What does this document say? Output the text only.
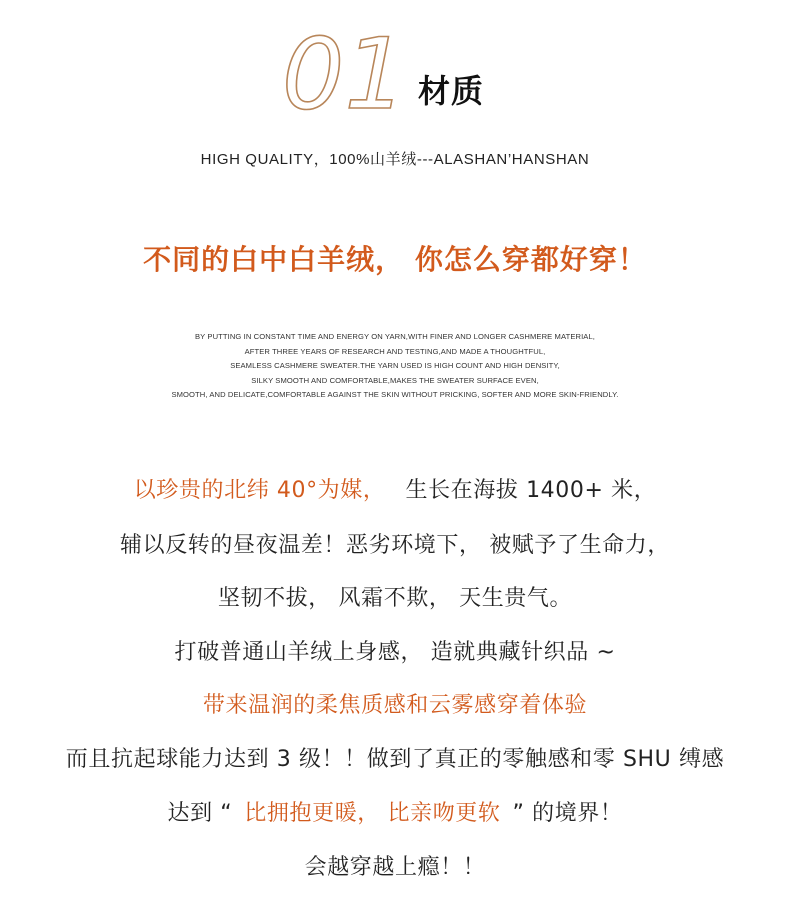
01 材质
HIGH QUALITY，100%山羊绒---ALASHAN’HANSHAN
不同的白中白羊绒， 你怎么穿都好穿！
BY PUTTING IN CONSTANT TIME AND ENERGY ON YARN,WITH FINER AND LONGER CASHMERE MATERIAL,
AFTER THREE YEARS OF RESEARCH AND TESTING,AND MADE A THOUGHTFUL,
SEAMLESS CASHMERE SWEATER.THE YARN USED IS HIGH COUNT AND HIGH DENSITY,
SILKY SMOOTH AND COMFORTABLE,MAKES THE SWEATER SURFACE EVEN,
SMOOTH, AND DELICATE,COMFORTABLE AGAINST THE SKIN WITHOUT PRICKING, SOFTER AND MORE SKIN-FRIENDLY.
以珍贵的北纬 40°为媒， 生长在海拔 1400+ 米，
辅以反转的昼夜温差！恶劣环境下， 被赋予了生命力，
坚韧不拔， 风霜不欺， 天生贵气。
打破普通山羊绒上身感， 造就典藏针织品 ~
带来温润的柔焦质感和云雾感穿着体验
而且抗起球能力达到 3 级！！做到了真正的零触感和零 SHU 缚感
达到 “ 比拥抱更暖， 比亲吻更软 ” 的境界！
会越穿越上瘾！！
